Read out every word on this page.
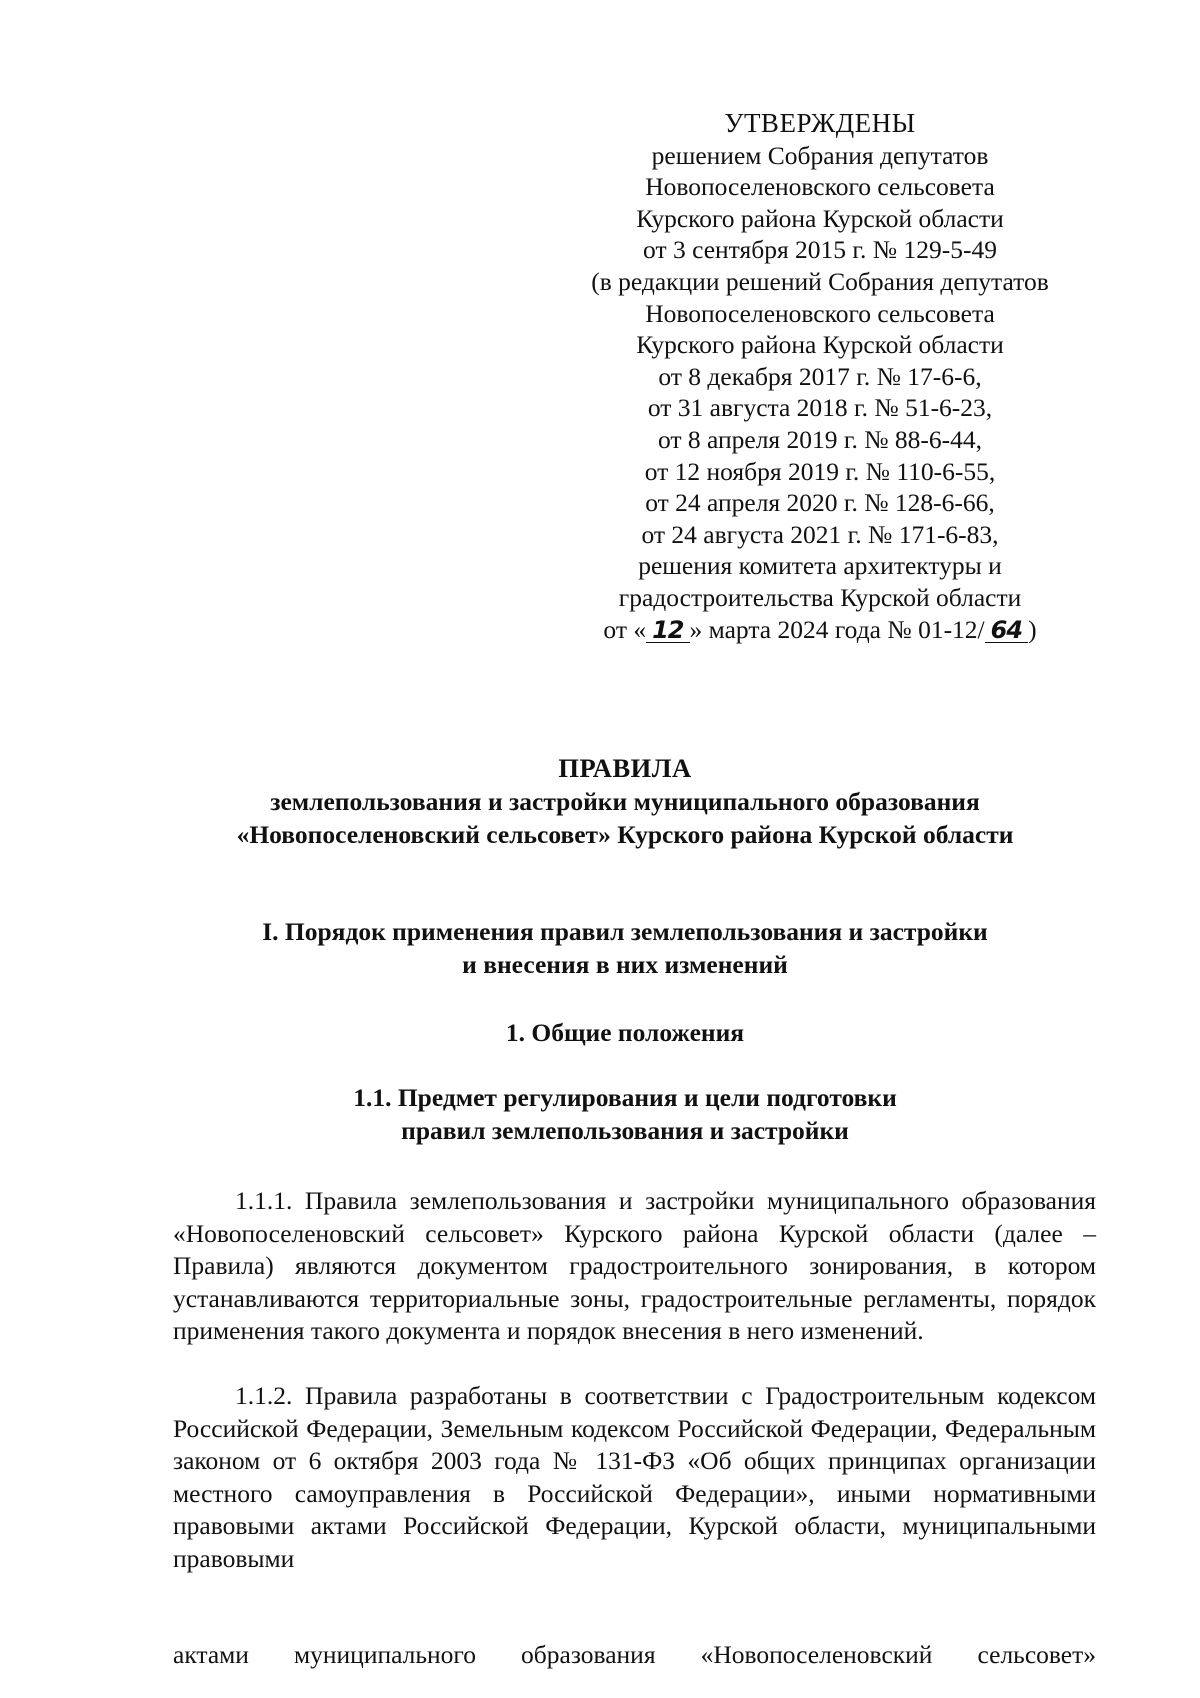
УТВЕРЖДЕНЫ
решением Собрания депутатов
Новопоселеновского сельсовета
Курского района Курской области
от 3 сентября 2015 г. № 129-5-49
(в редакции решений Собрания депутатов
Новопоселеновского сельсовета
Курского района Курской области
от 8 декабря 2017 г. № 17-6-6,
от 31 августа 2018 г. № 51-6-23,
от 8 апреля 2019 г. № 88-6-44,
от 12 ноября 2019 г. № 110-6-55,
от 24 апреля 2020 г. № 128-6-66,
от 24 августа 2021 г. № 171-6-83,
решения комитета архитектуры и
градостроительства Курской области
от « 12 » марта 2024 года № 01-12/ 64 )
ПРАВИЛА
землепользования и застройки муниципального образования
«Новопоселеновский сельсовет» Курского района Курской области
I. Порядок применения правил землепользования и застройки
и внесения в них изменений
1. Общие положения
1.1. Предмет регулирования и цели подготовки
правил землепользования и застройки

1.1.1. Правила землепользования и застройки муниципального образования «Новопоселеновский сельсовет» Курского района Курской области (далее – Правила) являются документом градостроительного зонирования, в котором устанавливаются территориальные зоны, градостроительные регламенты, порядок применения такого документа и порядок внесения в него изменений.

1.1.2. Правила разработаны в соответствии с Градостроительным кодексом Российской Федерации, Земельным кодексом Российской Федерации, Федеральным законом от 6 октября 2003 года № 131-ФЗ «Об общих принципах организации местного самоуправления в Российской Федерации», иными нормативными правовыми актами Российской Федерации, Курской области, муниципальными правовыми

актами муниципального образования «Новопоселеновский сельсовет»
